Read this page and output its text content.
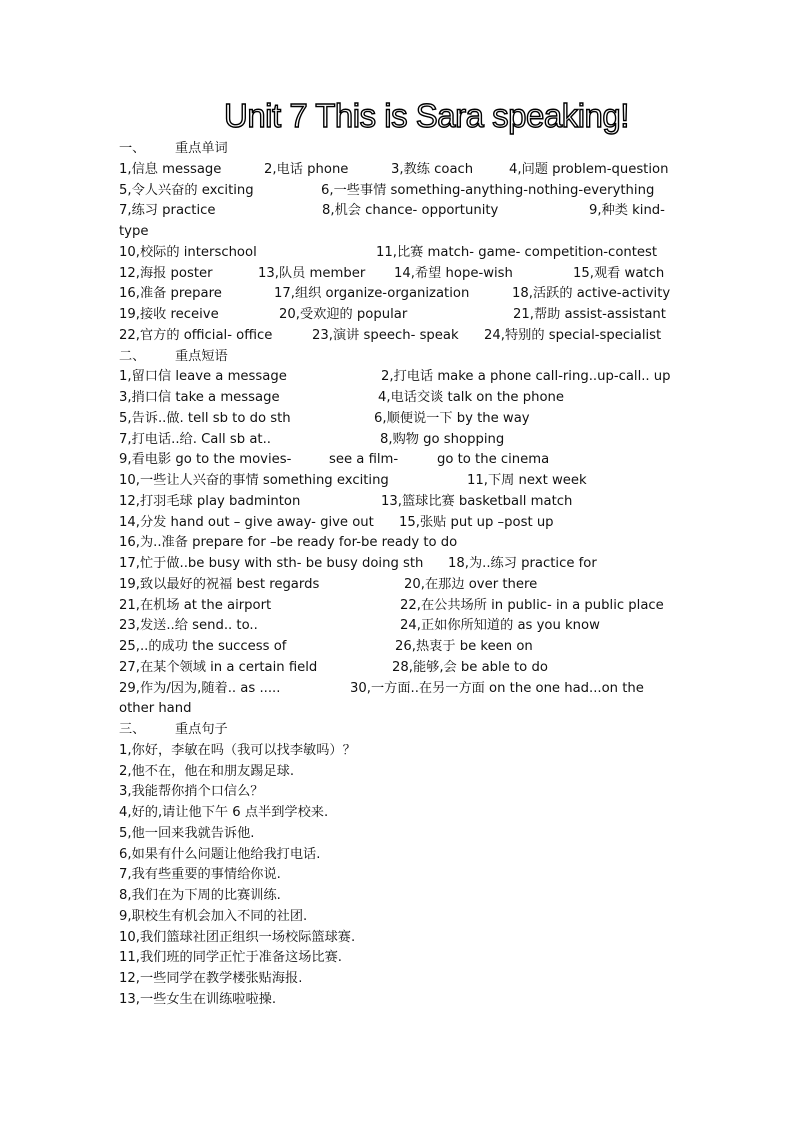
Unit 7 This is Sara speaking!
一、 重点单词
1,信息 message	2,电话 phone	3,教练 coach	4,问题 problem-question
5,令人兴奋的 exciting	6,一些事情 something-anything-nothing-everything
7,练习 practice	8,机会 chance- opportunity	9,种类 kind-
type
10,校际的 interschool	11,比赛 match- game- competition-contest
12,海报 poster	13,队员 member 14,希望 hope-wish	15,观看 watch
16,准备 prepare	17,组织 organize-organization	18,活跃的 active-activity
19,接收 receive	20,受欢迎的 popular	21,帮助 assist-assistant
22,官方的 official- office	23,演讲 speech- speak 24,特别的 special-specialist
二、 重点短语
1,留口信 leave a message	2,打电话 make a phone call-ring..up-call.. up
3,捎口信 take a message	4,电话交谈 talk on the phone
5,告诉..做. tell sb to do sth	6,顺便说一下 by the way
7,打电话..给. Call sb at..	8,购物 go shopping
9,看电影 go to the movies-	see a film-	go to the cinema
10,一些让人兴奋的事情 something exciting	11,下周 next week
12,打羽毛球 play badminton	13,篮球比赛 basketball match
14,分发 hand out – give away- give out 15,张贴 put up –post up
16,为..准备 prepare for –be ready for-be ready to do
17,忙于做..be busy with sth- be busy doing sth 18,为..练习 practice for
19,致以最好的祝福 best regards	20,在那边 over there
21,在机场 at the airport	22,在公共场所 in public- in a public place
23,发送..给 send.. to..	24,正如你所知道的 as you know
25,..的成功 the success of	26,热衷于 be keen on
27,在某个领域 in a certain field	28,能够,会 be able to do
29,作为/因为,随着.. as .....	30,一方面..在另一方面 on the one had...on the
other hand
三、 重点句子
1,你好，李敏在吗（我可以找李敏吗）？
2,他不在，他在和朋友踢足球.
3,我能帮你捎个口信么？
4,好的,请让他下午 6 点半到学校来.
5,他一回来我就告诉他.
6,如果有什么问题让他给我打电话.
7,我有些重要的事情给你说.
8,我们在为下周的比赛训练.
9,职校生有机会加入不同的社团.
10,我们篮球社团正组织一场校际篮球赛.
11,我们班的同学正忙于准备这场比赛.
12,一些同学在教学楼张贴海报.
13,一些女生在训练啦啦操.
